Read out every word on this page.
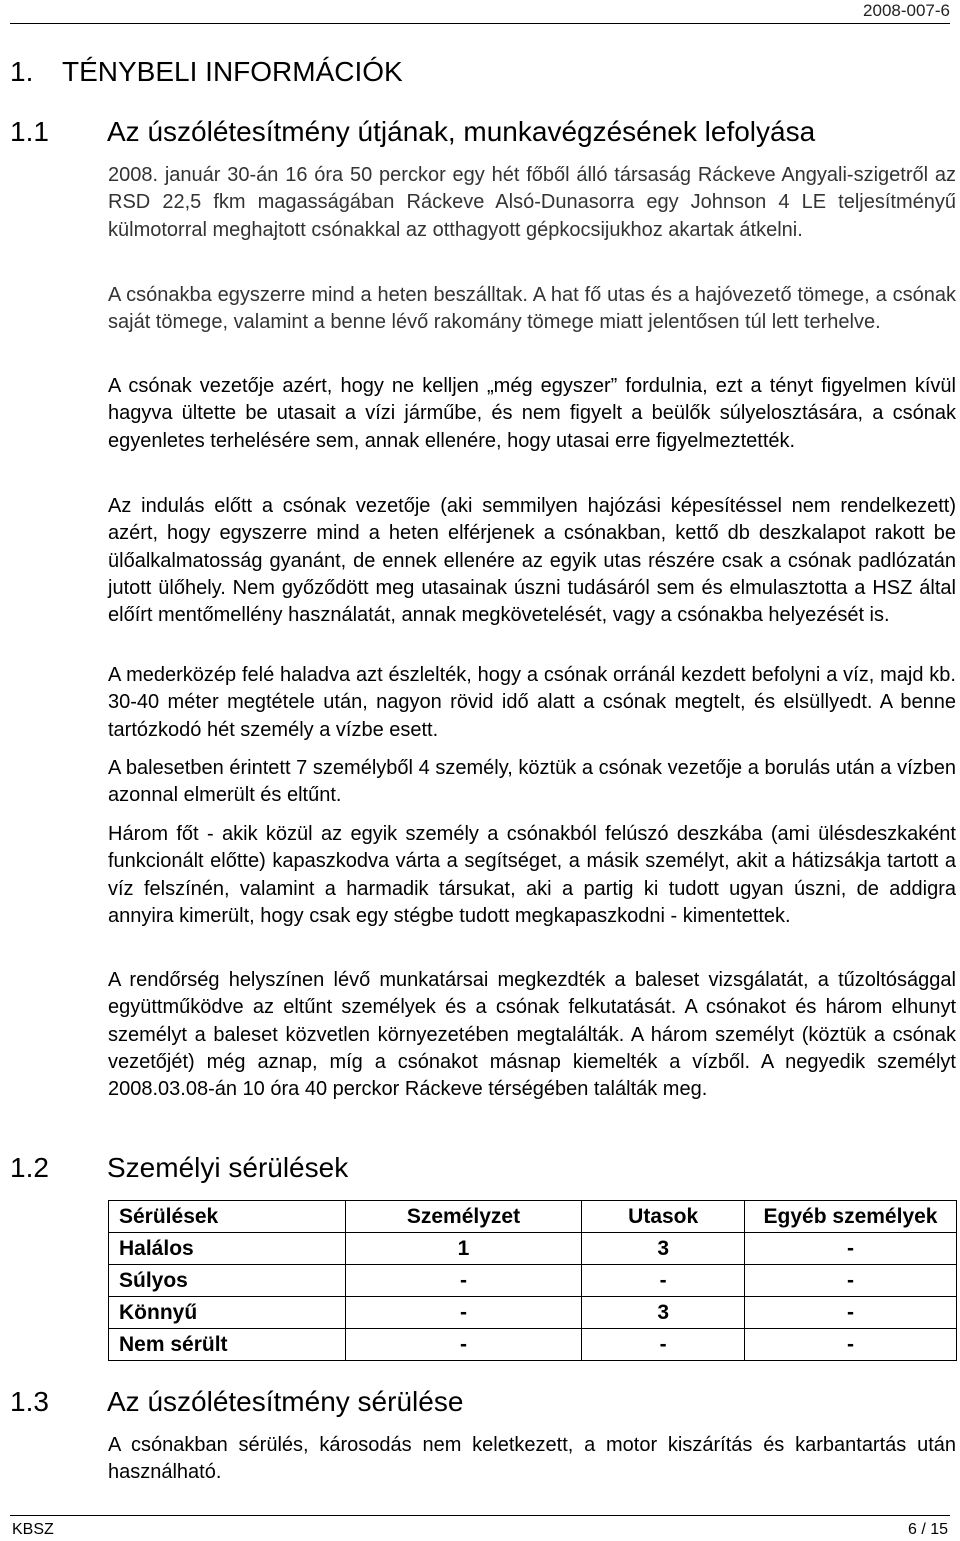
2008-007-6
1. TÉNYBELI INFORMÁCIÓK
1.1 Az úszólétesítmény útjának, munkavégzésének lefolyása

2008. január 30-án 16 óra 50 perckor egy hét főből álló társaság Ráckeve Angyali-szigetről az RSD 22,5 fkm magasságában Ráckeve Alsó-Dunasorra egy Johnson 4 LE teljesítményű külmotorral meghajtott csónakkal az otthagyott gépkocsijukhoz akartak átkelni.

A csónakba egyszerre mind a heten beszálltak. A hat fő utas és a hajóvezető tömege, a csónak saját tömege, valamint a benne lévő rakomány tömege miatt jelentősen túl lett terhelve.

A csónak vezetője azért, hogy ne kelljen „még egyszer” fordulnia, ezt a tényt figyelmen kívül hagyva ültette be utasait a vízi járműbe, és nem figyelt a beülők súlyelosztására, a csónak egyenletes terhelésére sem, annak ellenére, hogy utasai erre figyelmeztették.

Az indulás előtt a csónak vezetője (aki semmilyen hajózási képesítéssel nem rendelkezett) azért, hogy egyszerre mind a heten elférjenek a csónakban, kettő db deszkalapot rakott be ülőalkalmatosság gyanánt, de ennek ellenére az egyik utas részére csak a csónak padlózatán jutott ülőhely. Nem győződött meg utasainak úszni tudásáról sem és elmulasztotta a HSZ által előírt mentőmellény használatát, annak megkövetelését, vagy a csónakba helyezését is.

A mederközép felé haladva azt észlelték, hogy a csónak orránál kezdett befolyni a víz, majd kb. 30-40 méter megtétele után, nagyon rövid idő alatt a csónak megtelt, és elsüllyedt. A benne tartózkodó hét személy a vízbe esett.

A balesetben érintett 7 személyből 4 személy, köztük a csónak vezetője a borulás után a vízben azonnal elmerült és eltűnt.

Három főt - akik közül az egyik személy a csónakból felúszó deszkába (ami ülésdeszkaként funkcionált előtte) kapaszkodva várta a segítséget, a másik személyt, akit a hátizsákja tartott a víz felszínén, valamint a harmadik társukat, aki a partig ki tudott ugyan úszni, de addigra annyira kimerült, hogy csak egy stégbe tudott megkapaszkodni - kimentettek.

A rendőrség helyszínen lévő munkatársai megkezdték a baleset vizsgálatát, a tűzoltósággal együttműködve az eltűnt személyek és a csónak felkutatását. A csónakot és három elhunyt személyt a baleset közvetlen környezetében megtalálták. A három személyt (köztük a csónak vezetőjét) még aznap, míg a csónakot másnap kiemelték a vízből. A negyedik személyt 2008.03.08-án 10 óra 40 perckor Ráckeve térségében találták meg.

1.2 Személyi sérülések
Sérülések	Személyzet	Utasok	Egyéb személyek
Halálos	1	3	-
Súlyos	-	-	-
Könnyű	-	3	-
Nem sérült	-	-	-
1.3 Az úszólétesítmény sérülése

A csónakban sérülés, károsodás nem keletkezett, a motor kiszárítás és karbantartás után használható.

KBSZ	6 / 15
